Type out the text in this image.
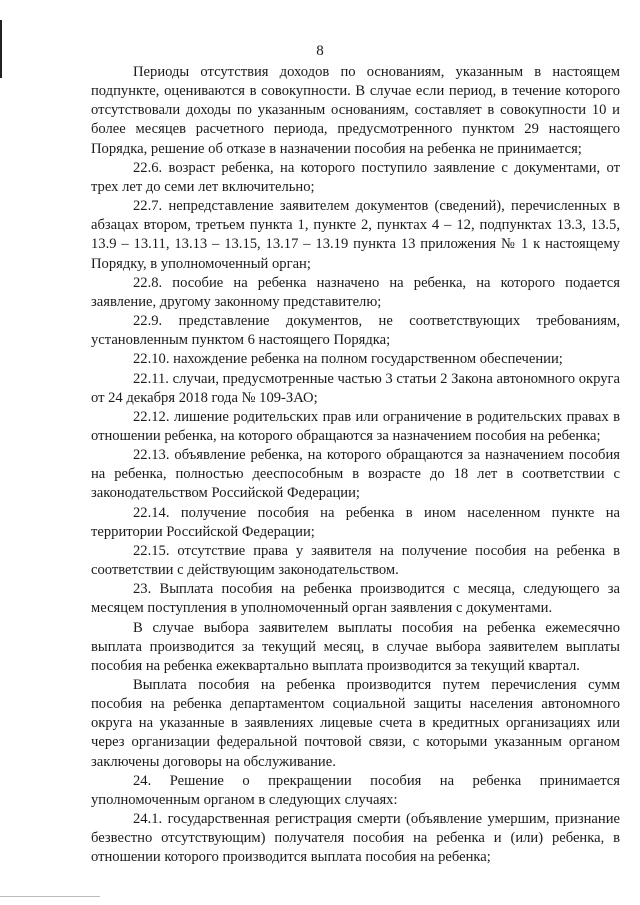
8

Периоды отсутствия доходов по основаниям, указанным в настоящем подпункте, оцениваются в совокупности. В случае если период, в течение которого отсутствовали доходы по указанным основаниям, составляет в совокупности 10 и более месяцев расчетного периода, предусмотренного пунктом 29 настоящего Порядка, решение об отказе в назначении пособия на ребенка не принимается;

22.6. возраст ребенка, на которого поступило заявление с документами, от трех лет до семи лет включительно;

22.7. непредставление заявителем документов (сведений), перечисленных в абзацах втором, третьем пункта 1, пункте 2, пунктах 4 – 12, подпунктах 13.3, 13.5, 13.9 – 13.11, 13.13 – 13.15, 13.17 – 13.19 пункта 13 приложения № 1 к настоящему Порядку, в уполномоченный орган;

22.8. пособие на ребенка назначено на ребенка, на которого подается заявление, другому законному представителю;

22.9. представление документов, не соответствующих требованиям, установленным пунктом 6 настоящего Порядка;

22.10. нахождение ребенка на полном государственном обеспечении;

22.11. случаи, предусмотренные частью 3 статьи 2 Закона автономного округа от 24 декабря 2018 года № 109-ЗАО;

22.12. лишение родительских прав или ограничение в родительских правах в отношении ребенка, на которого обращаются за назначением пособия на ребенка;

22.13. объявление ребенка, на которого обращаются за назначением пособия на ребенка, полностью дееспособным в возрасте до 18 лет в соответствии с законодательством Российской Федерации;

22.14. получение пособия на ребенка в ином населенном пункте на территории Российской Федерации;

22.15. отсутствие права у заявителя на получение пособия на ребенка в соответствии с действующим законодательством.

23. Выплата пособия на ребенка производится с месяца, следующего за месяцем поступления в уполномоченный орган заявления с документами.

В случае выбора заявителем выплаты пособия на ребенка ежемесячно выплата производится за текущий месяц, в случае выбора заявителем выплаты пособия на ребенка ежеквартально выплата производится за текущий квартал.

Выплата пособия на ребенка производится путем перечисления сумм пособия на ребенка департаментом социальной защиты населения автономного округа на указанные в заявлениях лицевые счета в кредитных организациях или через организации федеральной почтовой связи, с которыми указанным органом заключены договоры на обслуживание.

24. Решение о прекращении пособия на ребенка принимается уполномоченным органом в следующих случаях:

24.1. государственная регистрация смерти (объявление умершим, признание безвестно отсутствующим) получателя пособия на ребенка и (или) ребенка, в отношении которого производится выплата пособия на ребенка;
